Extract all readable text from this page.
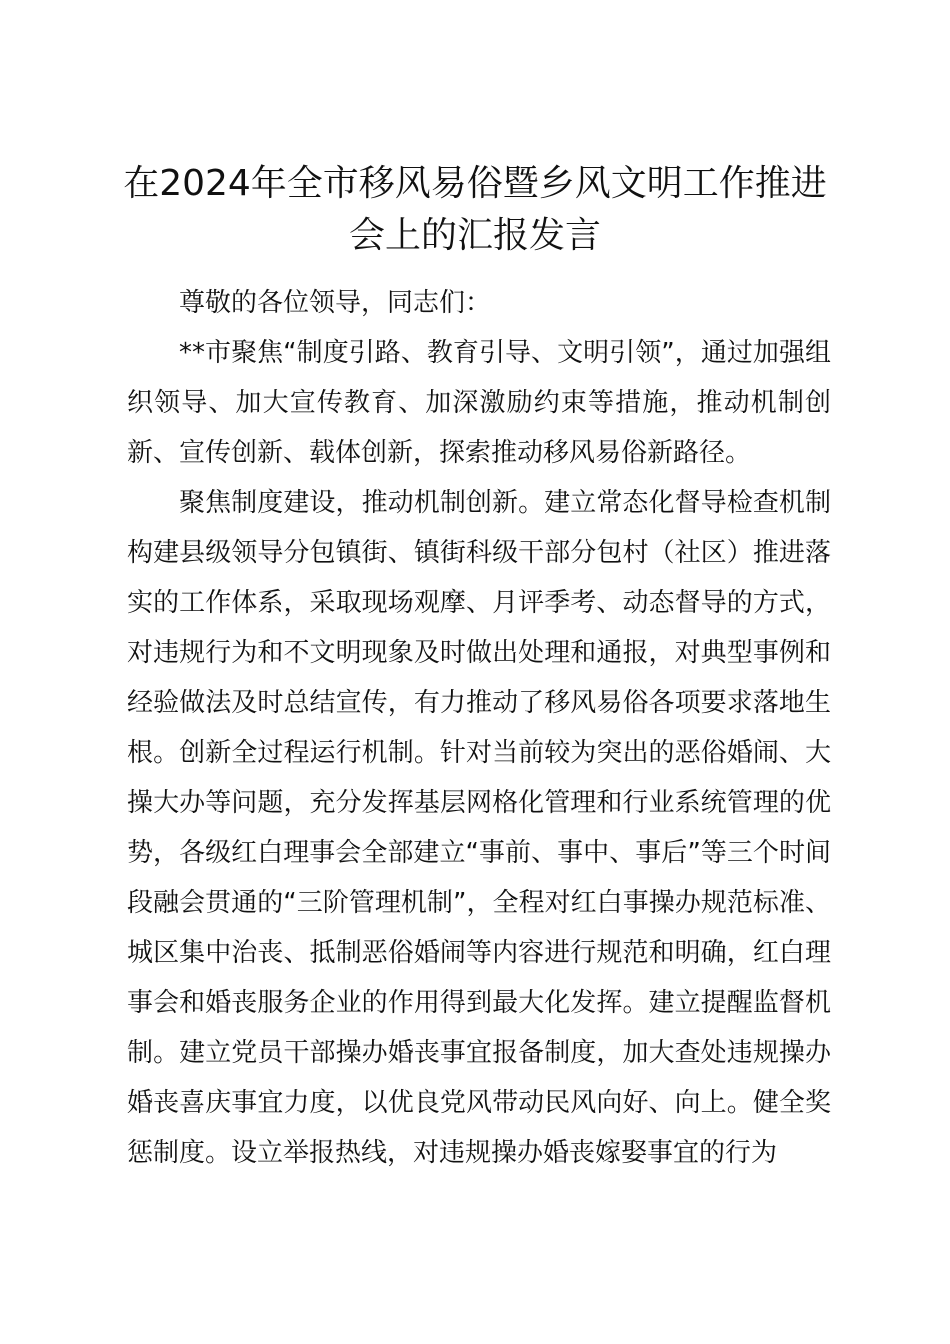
在2024年全市移风易俗暨乡风文明工作推进会上的汇报发言

尊敬的各位领导，同志们：

**市聚焦“制度引路、教育引导、文明引领”，通过加强组织领导、加大宣传教育、加深激励约束等措施，推动机制创新、宣传创新、载体创新，探索推动移风易俗新路径。

聚焦制度建设，推动机制创新。建立常态化督导检查机制构建县级领导分包镇街、镇街科级干部分包村（社区）推进落实的工作体系，采取现场观摩、月评季考、动态督导的方式，对违规行为和不文明现象及时做出处理和通报，对典型事例和经验做法及时总结宣传，有力推动了移风易俗各项要求落地生根。创新全过程运行机制。针对当前较为突出的恶俗婚闹、大操大办等问题，充分发挥基层网格化管理和行业系统管理的优势，各级红白理事会全部建立“事前、事中、事后”等三个时间段融会贯通的“三阶管理机制”，全程对红白事操办规范标准、城区集中治丧、抵制恶俗婚闹等内容进行规范和明确，红白理事会和婚丧服务企业的作用得到最大化发挥。建立提醒监督机制。建立党员干部操办婚丧事宜报备制度，加大查处违规操办婚丧喜庆事宜力度，以优良党风带动民风向好、向上。健全奖惩制度。设立举报热线，对违规操办婚丧嫁娶事宜的行为
